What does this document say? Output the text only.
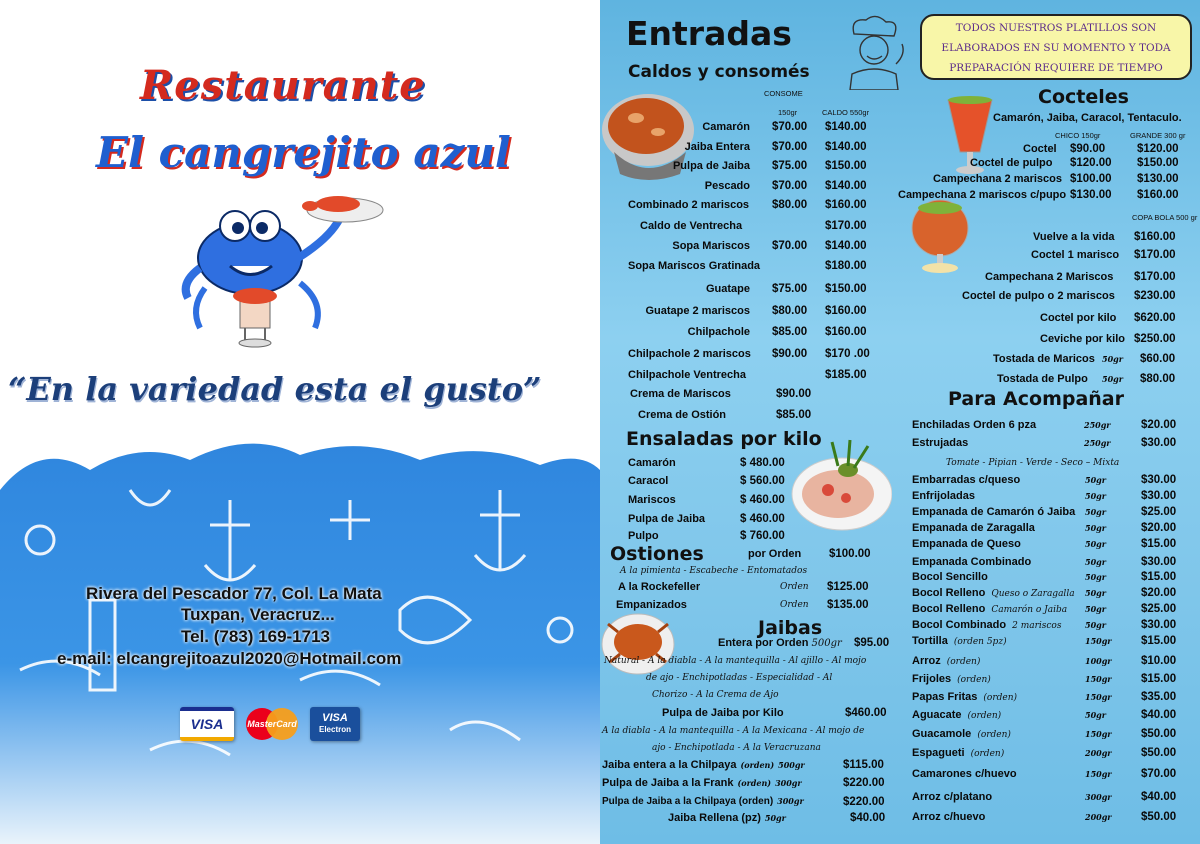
Restaurante
El cangrejito azul
“En la variedad esta el gusto”
Rivera del Pescador 77, Col. La Mata
Tuxpan, Veracruz...
Tel. (783) 169-1713
e-mail: elcangrejitoazul2020@Hotmail.com
VISA	MasterCard VISA
Electron
Entradas
Caldos y consomés
TODOS NUESTROS PLATILLOS SON
ELABORADOS EN SU MOMENTO Y TODA
PREPARACIÓN REQUIERE DE TIEMPO
CONSOME
150gr	CALDO 550gr
Camarón $70.00 $140.00
Jaiba Entera $70.00 $140.00
Pulpa de Jaiba $75.00 $150.00
Pescado $70.00 $140.00
Combinado 2 mariscos $80.00 $160.00
Caldo de Ventrecha	$170.00
Sopa Mariscos $70.00 $140.00
Sopa Mariscos Gratinada	$180.00
Guatape $75.00 $150.00
Guatape 2 mariscos $80.00 $160.00
Chilpachole $85.00 $160.00
Chilpachole 2 mariscos $90.00 $170 .00
Chilpachole Ventrecha	$185.00
Crema de Mariscos	$90.00
Crema de Ostión	$85.00
Ensaladas por kilo
Camarón	$ 480.00
Caracol	$ 560.00
Mariscos	$ 460.00
Pulpa de Jaiba	$ 460.00
Pulpo	$ 760.00
Ostiones	por Orden $100.00
A la pimienta - Escabeche - Entomatados
A la Rockefeller	Orden $125.00
Empanizados	Orden $135.00
Jaibas
Entera por Orden 500gr $95.00
Natural - A la diabla - A la mantequilla - Al ajillo - Al mojo
de ajo - Enchipotladas - Especialidad - Al
Chorizo - A la Crema de Ajo
Pulpa de Jaiba por Kilo	$460.00
A la diabla - A la mantequilla - A la Mexicana - Al mojo de
ajo - Enchipotlada - A la Veracruzana
Jaiba entera a la Chilpaya (orden) 500gr	$115.00
Pulpa de Jaiba a la Frank (orden) 300gr	$220.00
Pulpa de Jaiba a la Chilpaya (orden) 300gr	$220.00
Jaiba Rellena (pz) 50gr	$40.00
Cocteles
Camarón, Jaiba, Caracol, Tentaculo.
CHICO 150gr	GRANDE 300 gr
Coctel $90.00	$120.00
Coctel de pulpo $120.00 $150.00
Campechana 2 mariscos $100.00 $130.00
Campechana 2 mariscos c/pupo $130.00 $160.00
COPA BOLA 500 gr
Vuelve a la vida $160.00
Coctel 1 marisco $170.00
Campechana 2 Mariscos $170.00
Coctel de pulpo o 2 mariscos $230.00
Coctel por kilo $620.00
Ceviche por kilo $250.00
Tostada de Maricos 50gr $60.00
Tostada de Pulpo 50gr $80.00
Para Acompañar
Enchiladas Orden 6 pza	250gr	$20.00
Estrujadas	250gr	$30.00
Tomate - Pipian - Verde - Seco – Mixta
Embarradas c/queso	50gr	$30.00
Enfrijoladas	50gr	$30.00
Empanada de Camarón ó Jaiba 50gr	$25.00
Empanada de Zaragalla	50gr	$20.00
Empanada de Queso	50gr	$15.00
Empanada Combinado	50gr	$30.00
Bocol Sencillo	50gr	$15.00
Bocol Relleno Queso o Zaragalla 50gr	$20.00
Bocol Relleno Camarón o Jaiba 50gr	$25.00
Bocol Combinado 2 mariscos	50gr	$30.00
Tortilla (orden 5pz)	150gr	$15.00
Arroz (orden)	100gr	$10.00
Frijoles (orden)	150gr	$15.00
Papas Fritas (orden)	150gr	$35.00
Aguacate (orden)	50gr	$40.00
Guacamole (orden)	150gr	$50.00
Espagueti (orden)	200gr	$50.00
Camarones c/huevo	150gr	$70.00
Arroz c/platano	300gr	$40.00
Arroz c/huevo	200gr	$50.00
